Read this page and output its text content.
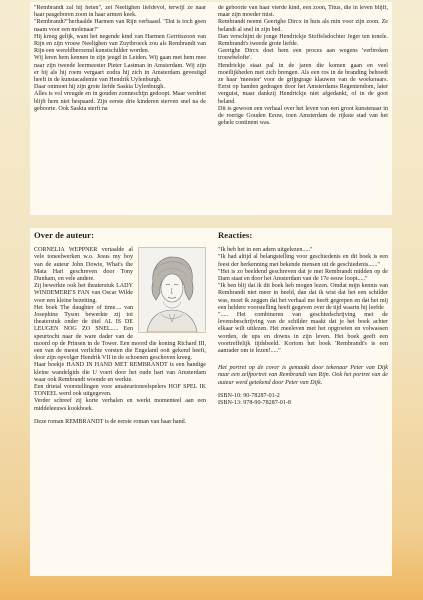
"Rembrandt zal hij heten", zei Neeltghen liefdevol, terwijl ze naar haar pasgeboren zoon in haar armen keek.

"Rembrandt?"herhaalde Harmen van Rijn verbaasd. "Dat is toch geen naam voor een molenaar!"

Hij kreeg gelijk, want het negende kind van Harmen Gerritszoon van Rijn en zijn vrouw Neeltghen van Zuytbroeck zou als Rembrandt van Rijn een wereldberoemd kunstschilder worden.

Wij leren hem kennen in zijn jeugd in Leiden. Wij gaan met hem mee naar zijn tweede leermeester Pieter Lastman in Amsterdam. Wij zijn er bij als hij roem vergaart zodra hij zich in Amsterdam gevestigd heeft in de kunstacademie van Hendrik Uylenburgh.

Daar ontmoet hij zijn grote liefde Saskia Uylenburgh.

Alles is vol vreugde en in gouden zonneschijn gedoopt. Maar verdriet blijft hem niet bespaard. Zijn eerste drie kinderen sterven snel na de geboorte. Ook Saskia sterft na

de geboorte van haar vierde kind, een zoon, Titus, die in leven blijft, maar zijn moeder mist.

Rembrandt neemt Geertghe Dircx in huis als min voor zijn zoon. Ze belandt al snel in zijn bed.

Dan verschijnt de jonge Hendrickje Stoffelsdochter Jeger ten tonele. Rembrandt's tweede grote liefde.

Geertghe Dircx doet hem een proces aan wegens 'verbroken trouwbelofte'.

Hendrickje staat pal in de jaren die komen gaan en veel moeilijkheden met zich brengen. Als een ros in de branding behoedt ze haar 'meester' voor de grijpgrage klauwen van de woekeraars. Eerst op handen gedragen door het Amsterdams Regentendom, later verguist, maar dankzij Hendrickje niet afgedankt, of in de goot beland.

Dit is gewoon een verhaal over het leven van een groot kunstenaar in de roerige Gouden Eeuw, toen Amsterdam de rijkste stad van het gehele continent was.

Over de auteur:

CORNELIA WEPPNER vertaalde al vele toneelwerken w.o. Jesus my boy van de auteur John Dowie, What's the Mata Hari geschreven door Tony Dunham, en vele andere.

Zij bewerkte ook het theaterstuk LADY WINDEMERE'S FAN van Oscar Wilde voor een kleine bezetting.

Het boek The daughter of time.... van Josephine Tyson bewerkte zij tot theaterstuk onder de titel AL IS DE LEUGEN NOG ZO SNEL..... Een speurtocht naar de ware dader van de moord op de Prinsen in de Tower. Een moord die koning Richard III, een van de meest verlichte vorsten die Engeland ooit gekend heeft, door zijn opvolger Hendrik VII in de schoenen geschoven kreeg.

Haar boekje HAND IN HAND MET REMBRANDT is een handige kleine wandelgids die U voert door het oude hart van Amsterdam waar ook Rembrandt woonde en werkte.

Een drietal voorstellingen voor amateurtoneelspelers HOF SPEL IK TONEEL werd ook uitgegeven.

Verder schreef zij korte verhalen en werkt momenteel aan een middeleeuws kookboek.

Deze roman REMBRANDT is de eerste roman van haar hand.

Reacties:

"Ik heb het in een adem uitgelezen....."

"Ik had altijd al belangstelling voor geschiedenis en dit boek is een feest der herkenning met bekende mensen uit de geschiedenis......"

"Het is zo beeldend geschreven dat je met Rembrandt midden op de Dam staat en door het Amsterdam van de 17e eeuw loopt....."

"Ik ben blij dat ik dit boek heb mogen lezen. Omdat mijn kennis van Rembrandt niet meer in beeld, dan dat ik wist dat het een schilder was, moet ik zeggen dat het verhaal me heeft gegrepen en dat het mij een heldere voorstelling heeft gegeven over de tijd waarin hij leefde

"..... Het combineren van geschiedschrijving met de levensbeschrijving van de schilder maakt dat je het boek achter elkaar wilt uitlezen. Het meeleven met het opgroeien en volwassen worden, de ups en downs in zijn leven. Het boek geeft een voortreffelijk tijdsbeeld. Kortom het boek 'Rembrandt's is een aanrader om te lezen!....."

Het portret op de cover is gemaakt door tekenaar Peter van Dijk naar een zelfportret van Rembrandt van Rijn. Ook het portret van de auteur werd getekend door Peter van Dijk.

ISBN-10: 90-78287-01-2

ISBN-13: 978-90-78287-01-8
